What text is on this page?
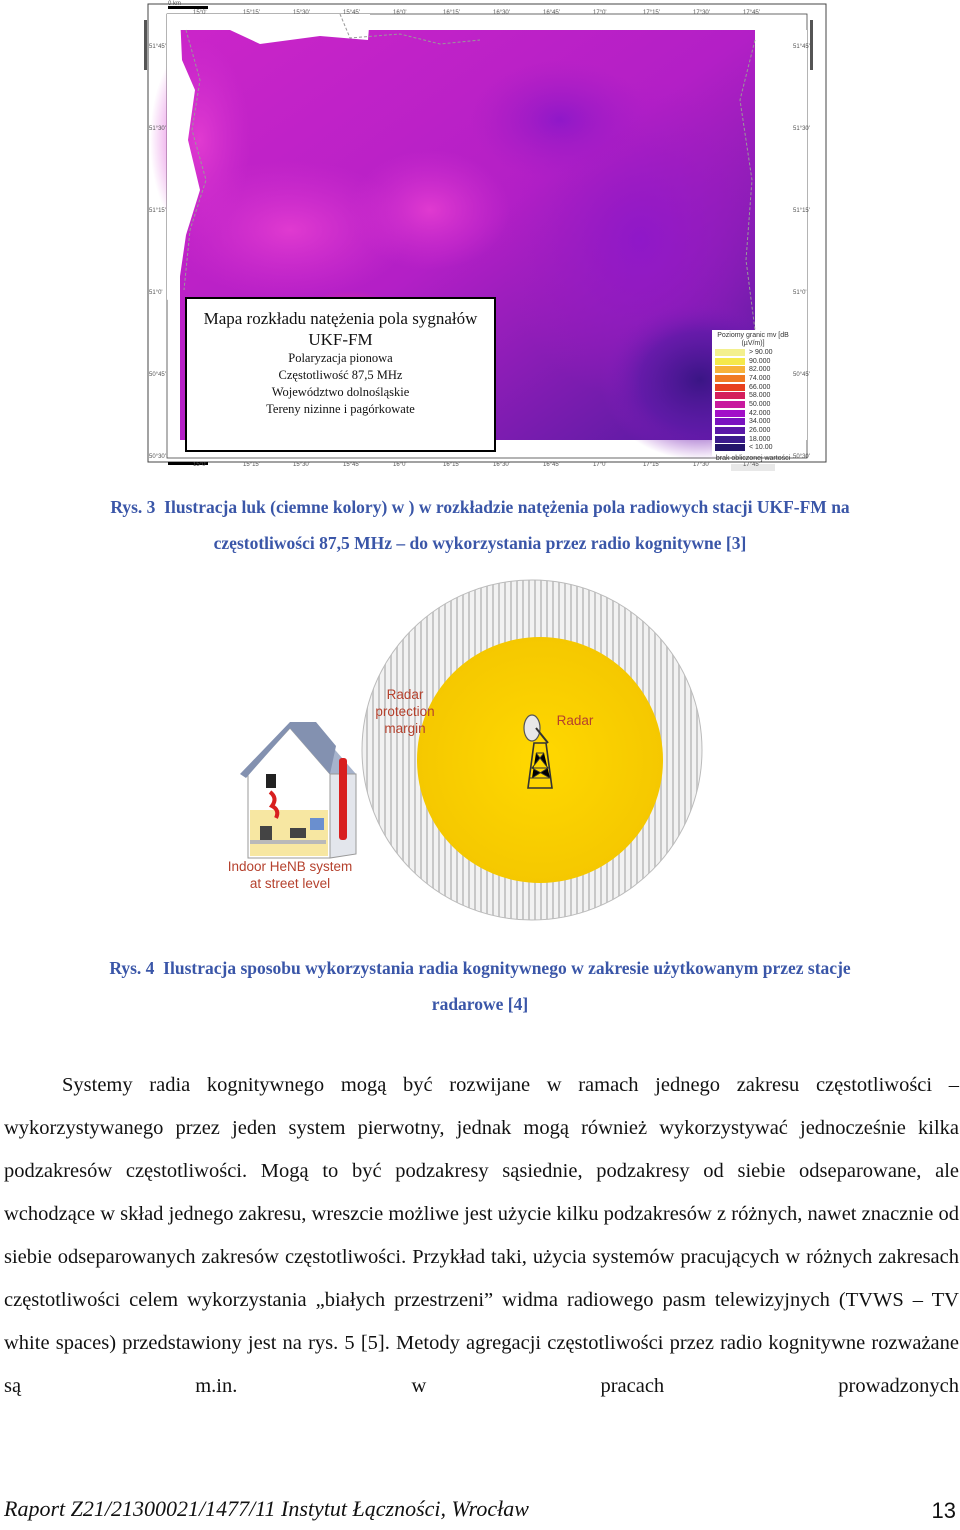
0 km
Mapa rozkładu natężenia pola sygnałów UKF-FM
Polaryzacja pionowa
Częstotliwość 87,5 MHz
Województwo dolnośląskie
Tereny nizinne i pagórkowate
Poziomy granic mv [dB (µV/m)]
> 90.00
90.000
82.000
74.000
66.000
58.000
50.000
42.000
34.000
26.000
18.000
< 10.00
brak obliczonej wartości
15°0'
15°0'
15°15'
15°15'
15°30'
15°30'
15°45'
15°45'
16°0'
16°0'
16°15'
16°15'
16°30'
16°30'
16°45'
16°45'
17°0'
17°0'
17°15'
17°15'
17°30'
17°30'
17°45'
17°45'
51°45'	51°45'
51°30'	51°30'
51°15'	51°15'
51°0'	51°0'
50°45'	50°45'
50°30'	50°30'
Rys. 3 Ilustracja luk (ciemne kolory) w ) w rozkładzie natężenia pola radiowych stacji UKF-FM na
częstotliwości 87,5 MHz – do wykorzystania przez radio kognitywne [3]
Radar
protection
margin
Radar
Indoor HeNB system
at street level
Rys. 4 Ilustracja sposobu wykorzystania radia kognitywnego w zakresie użytkowanym przez stacje
radarowe [4]

Systemy radia kognitywnego mogą być rozwijane w ramach jednego zakresu częstotliwości – wykorzystywanego przez jeden system pierwotny, jednak mogą również wykorzystywać jednocześnie kilka podzakresów częstotliwości. Mogą to być podzakresy sąsiednie, podzakresy od siebie odseparowane, ale wchodzące w skład jednego zakresu, wreszcie możliwe jest użycie kilku podzakresów z różnych, nawet znacznie od siebie odseparowanych zakresów częstotliwości. Przykład taki, użycia systemów pracujących w różnych zakresach częstotliwości celem wykorzystania „białych przestrzeni” widma radiowego pasm telewizyjnych (TVWS – TV white spaces) przedstawiony jest na rys. 5 [5]. Metody agregacji częstotliwości przez radio kognitywne rozważane są m.in. w pracach prowadzonych

Raport Z21/21300021/1477/11 Instytut Łączności, Wrocław	13
